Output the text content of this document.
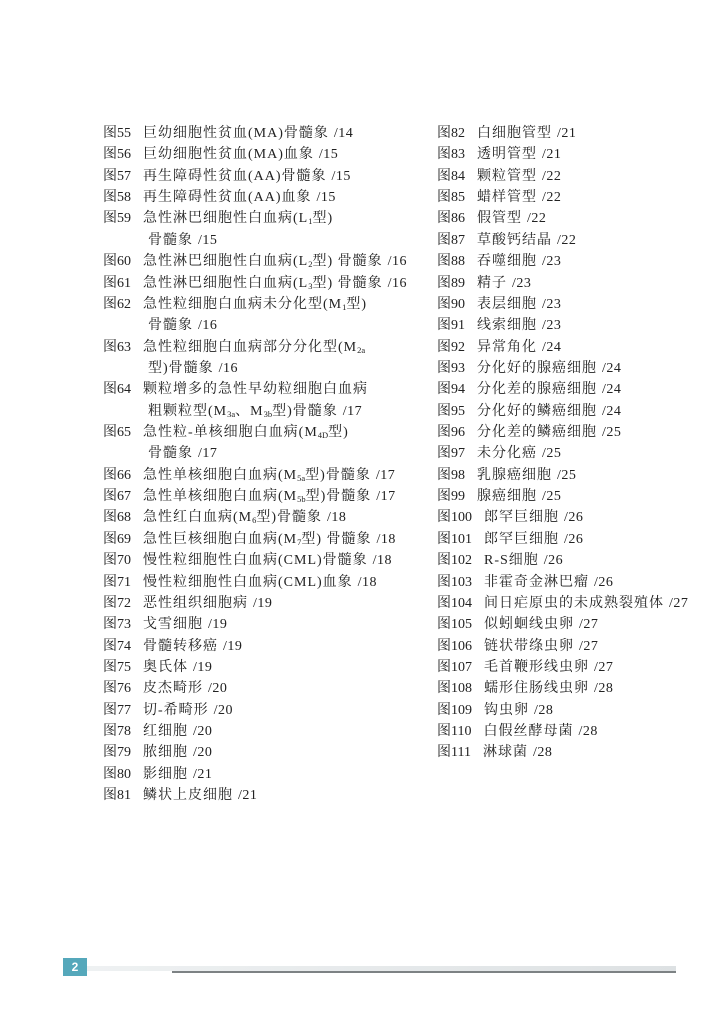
图55 巨幼细胞性贫血(MA)骨髓象 /14
图56 巨幼细胞性贫血(MA)血象 /15
图57 再生障碍性贫血(AA)骨髓象 /15
图58 再生障碍性贫血(AA)血象 /15
图59 急性淋巴细胞性白血病($L_1$型)
骨髓象 /15
图60 急性淋巴细胞性白血病($L_2$型) 骨髓象 /16
图61 急性淋巴细胞性白血病($L_3$型) 骨髓象 /16
图62 急性粒细胞白血病未分化型($M_1$型)
骨髓象 /16
图63 急性粒细胞白血病部分分化型($M_{2a}$
型)骨髓象 /16
图64 颗粒增多的急性早幼粒细胞白血病
粗颗粒型($M_{3a}$、$M_{3b}$型)骨髓象 /17
图65 急性粒-单核细胞白血病($M_{4D}$型)
骨髓象 /17
图66 急性单核细胞白血病($M_{5a}$型)骨髓象 /17
图67 急性单核细胞白血病($M_{5b}$型)骨髓象 /17
图68 急性红白血病($M_6$型)骨髓象 /18
图69 急性巨核细胞白血病($M_7$型) 骨髓象 /18
图70 慢性粒细胞性白血病(CML)骨髓象 /18
图71 慢性粒细胞性白血病(CML)血象 /18
图72 恶性组织细胞病 /19
图73 戈雪细胞 /19
图74 骨髓转移癌 /19
图75 奥氏体 /19
图76 皮杰畸形 /20
图77 切-希畸形 /20
图78 红细胞 /20
图79 脓细胞 /20
图80 影细胞 /21
图81 鳞状上皮细胞 /21
图82 白细胞管型 /21
图83 透明管型 /21
图84 颗粒管型 /22
图85 蜡样管型 /22
图86 假管型 /22
图87 草酸钙结晶 /22
图88 吞噬细胞 /23
图89 精子 /23
图90 表层细胞 /23
图91 线索细胞 /23
图92 异常角化 /24
图93 分化好的腺癌细胞 /24
图94 分化差的腺癌细胞 /24
图95 分化好的鳞癌细胞 /24
图96 分化差的鳞癌细胞 /25
图97 未分化癌 /25
图98 乳腺癌细胞 /25
图99 腺癌细胞 /25
图100 郎罕巨细胞 /26
图101 郎罕巨细胞 /26
图102 R-S细胞 /26
图103 非霍奇金淋巴瘤 /26
图104 间日疟原虫的未成熟裂殖体 /27
图105 似蚓蛔线虫卵 /27
图106 链状带绦虫卵 /27
图107 毛首鞭形线虫卵 /27
图108 蠕形住肠线虫卵 /28
图109 钩虫卵 /28
图110 白假丝酵母菌 /28
图111 淋球菌 /28
2
